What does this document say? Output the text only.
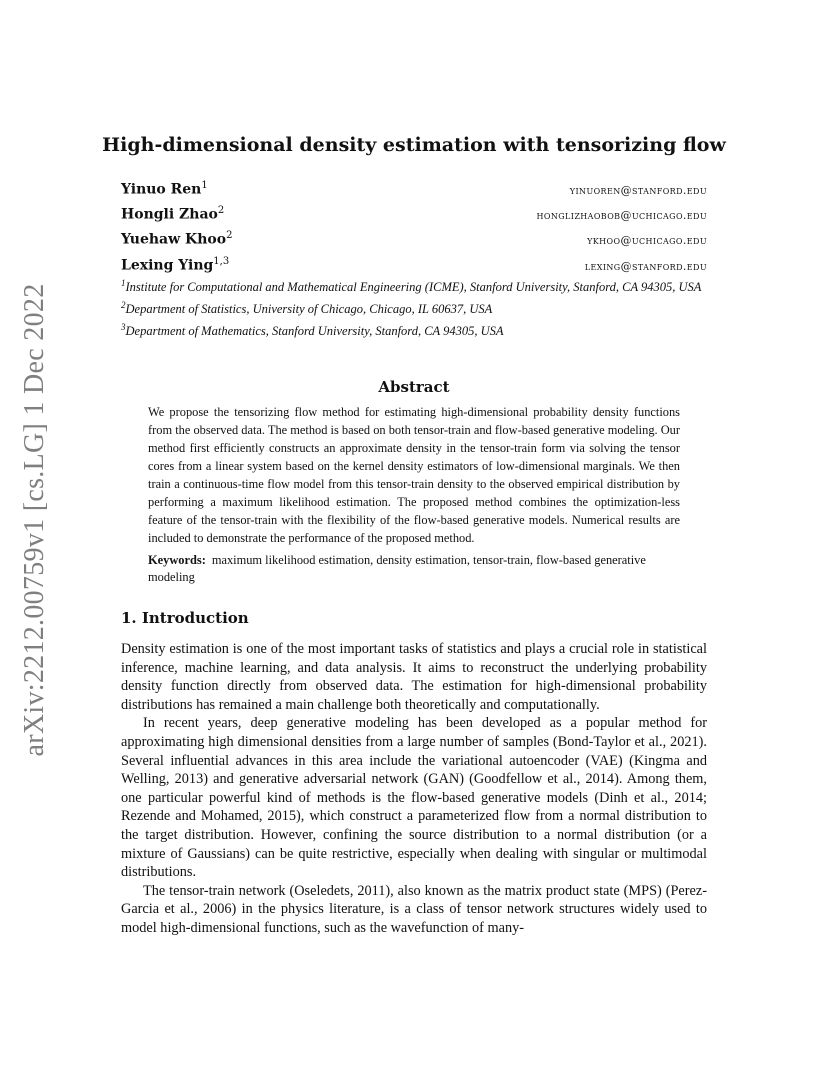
arXiv:2212.00759v1 [cs.LG] 1 Dec 2022
High-dimensional density estimation with tensorizing flow
Yinuo Ren$^1$	yinuoren@stanford.edu
Hongli Zhao$^2$	honglizhaobob@uchicago.edu
Yuehaw Khoo$^2$	ykhoo@uchicago.edu
Lexing Ying$^{1,3}$	lexing@stanford.edu
$^1$Institute for Computational and Mathematical Engineering (ICME), Stanford University, Stanford, CA 94305, USA
$^2$Department of Statistics, University of Chicago, Chicago, IL 60637, USA
$^3$Department of Mathematics, Stanford University, Stanford, CA 94305, USA
Abstract
We propose the tensorizing flow method for estimating high-dimensional probability density functions from the observed data. The method is based on both tensor-train and flow-based generative modeling. Our method first efficiently constructs an approximate density in the tensor-train form via solving the tensor cores from a linear system based on the kernel density estimators of low-dimensional marginals. We then train a continuous-time flow model from this tensor-train density to the observed empirical distribution by performing a maximum likelihood estimation. The proposed method combines the optimization-less feature of the tensor-train with the flexibility of the flow-based generative models. Numerical results are included to demonstrate the performance of the proposed method.
Keywords: maximum likelihood estimation, density estimation, tensor-train, flow-based generative modeling
1. Introduction

Density estimation is one of the most important tasks of statistics and plays a crucial role in statistical inference, machine learning, and data analysis. It aims to reconstruct the underlying probability density function directly from observed data. The estimation for high-dimensional probability distributions has remained a main challenge both theoretically and computationally.

In recent years, deep generative modeling has been developed as a popular method for approximating high dimensional densities from a large number of samples (Bond-Taylor et al., 2021). Several influential advances in this area include the variational autoencoder (VAE) (Kingma and Welling, 2013) and generative adversarial network (GAN) (Goodfellow et al., 2014). Among them, one particular powerful kind of methods is the flow-based generative models (Dinh et al., 2014; Rezende and Mohamed, 2015), which construct a parameterized flow from a normal distribution to the target distribution. However, confining the source distribution to a normal distribution (or a mixture of Gaussians) can be quite restrictive, especially when dealing with singular or multimodal distributions.

The tensor-train network (Oseledets, 2011), also known as the matrix product state (MPS) (Perez-Garcia et al., 2006) in the physics literature, is a class of tensor network structures widely used to model high-dimensional functions, such as the wavefunction of many-
